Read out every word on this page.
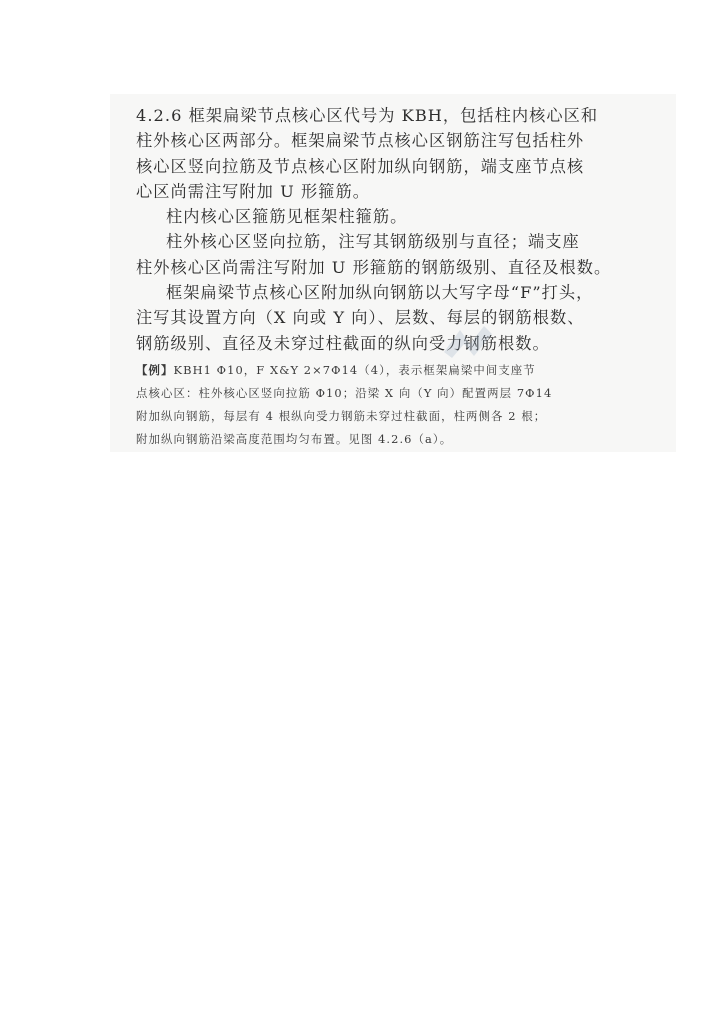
4.2.6 框架扁梁节点核心区代号为 KBH，包括柱内核心区和

柱外核心区两部分。框架扁梁节点核心区钢筋注写包括柱外

核心区竖向拉筋及节点核心区附加纵向钢筋，端支座节点核

心区尚需注写附加 U 形箍筋。

柱内核心区箍筋见框架柱箍筋。

柱外核心区竖向拉筋，注写其钢筋级别与直径；端支座

柱外核心区尚需注写附加 U 形箍筋的钢筋级别、直径及根数。

框架扁梁节点核心区附加纵向钢筋以大写字母“F”打头，

注写其设置方向（X 向或 Y 向）、层数、每层的钢筋根数、

钢筋级别、直径及未穿过柱截面的纵向受力钢筋根数。

【例】KBH1 Φ10，F X&Y 2×7Φ14（4），表示框架扁梁中间支座节

点核心区：柱外核心区竖向拉筋 Φ10；沿梁 X 向（Y 向）配置两层 7Φ14

附加纵向钢筋，每层有 4 根纵向受力钢筋未穿过柱截面，柱两侧各 2 根；

附加纵向钢筋沿梁高度范围均匀布置。见图 4.2.6（a）。
